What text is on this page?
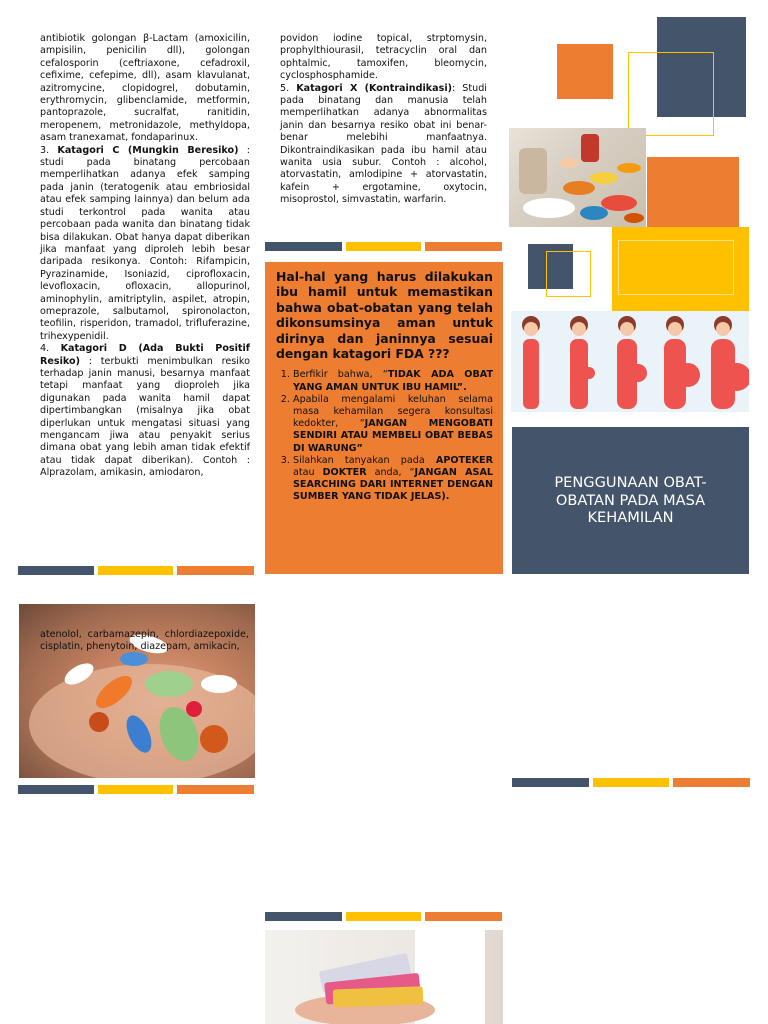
antibiotik golongan β-Lactam (amoxicilin, ampisilin, penicilin dll), golongan cefalosporin (ceftriaxone, cefadroxil, cefixime, cefepime, dll), asam klavulanat, azitromycine, clopidogrel, dobutamin, erythromycin, glibenclamide, metformin, pantoprazole, sucralfat, ranitidin, meropenem, metronidazole, methyldopa, asam tranexamat, fondaparinux.

3. Katagori C (Mungkin Beresiko) : studi pada binatang percobaan memperlihatkan adanya efek samping pada janin (teratogenik atau embriosidal atau efek samping lainnya) dan belum ada studi terkontrol pada wanita atau percobaan pada wanita dan binatang tidak bisa dilakukan. Obat hanya dapat diberikan jika manfaat yang diproleh lebih besar daripada resikonya. Contoh: Rifampicin, Pyrazinamide, Isoniazid, ciprofloxacin, levofloxacin, ofloxacin, allopurinol, aminophylin, amitriptylin, aspilet, atropin, omeprazole, salbutamol, spironolacton, teofilin, risperidon, tramadol, trifluferazine, trihexypenidil.

4. Katagori D (Ada Bukti Positif Resiko) : terbukti menimbulkan resiko terhadap janin manusi, besarnya manfaat tetapi manfaat yang dioproleh jika digunakan pada wanita hamil dapat dipertimbangkan (misalnya jika obat diperlukan untuk mengatasi situasi yang mengancam jiwa atau penyakit serius dimana obat yang lebih aman tidak efektif atau tidak dapat diberikan). Contoh : Alprazolam, amikasin, amiodaron,

povidon iodine topical, strptomysin, prophylthiourasil, tetracyclin oral dan ophtalmic, tamoxifen, bleomycin, cyclosphosphamide.

5. Katagori X (Kontraindikasi): Studi pada binatang dan manusia telah memperlihatkan adanya abnormalitas janin dan besarnya resiko obat ini benar-benar melebihi manfaatnya. Dikontraindikasikan pada ibu hamil atau wanita usia subur. Contoh : alcohol, atorvastatin, amlodipine + atorvastatin, kafein + ergotamine, oxytocin, misoprostol, simvastatin, warfarin.

Hal-hal yang harus dilakukan ibu hamil untuk memastikan bahwa obat-obatan yang telah dikonsumsinya aman untuk dirinya dan janinnya sesuai dengan katagori FDA ???

1. Berfikir bahwa, “TIDAK ADA OBAT YANG AMAN UNTUK IBU HAMIL”.
2. Apabila mengalami keluhan selama masa kehamilan segera konsultasi kedokter, “JANGAN MENGOBATI SENDIRI ATAU MEMBELI OBAT BEBAS DI WARUNG”
3. Silahkan tanyakan pada APOTEKER atau DOKTER anda, “JANGAN ASAL SEARCHING DARI INTERNET DENGAN SUMBER YANG TIDAK JELAS).
atenolol, carbamazepin, chlordiazepoxide, cisplatin, phenytoin, diazepam, amikacin,
PENGGUNAAN OBAT-OBATAN PADA MASA KEHAMILAN
